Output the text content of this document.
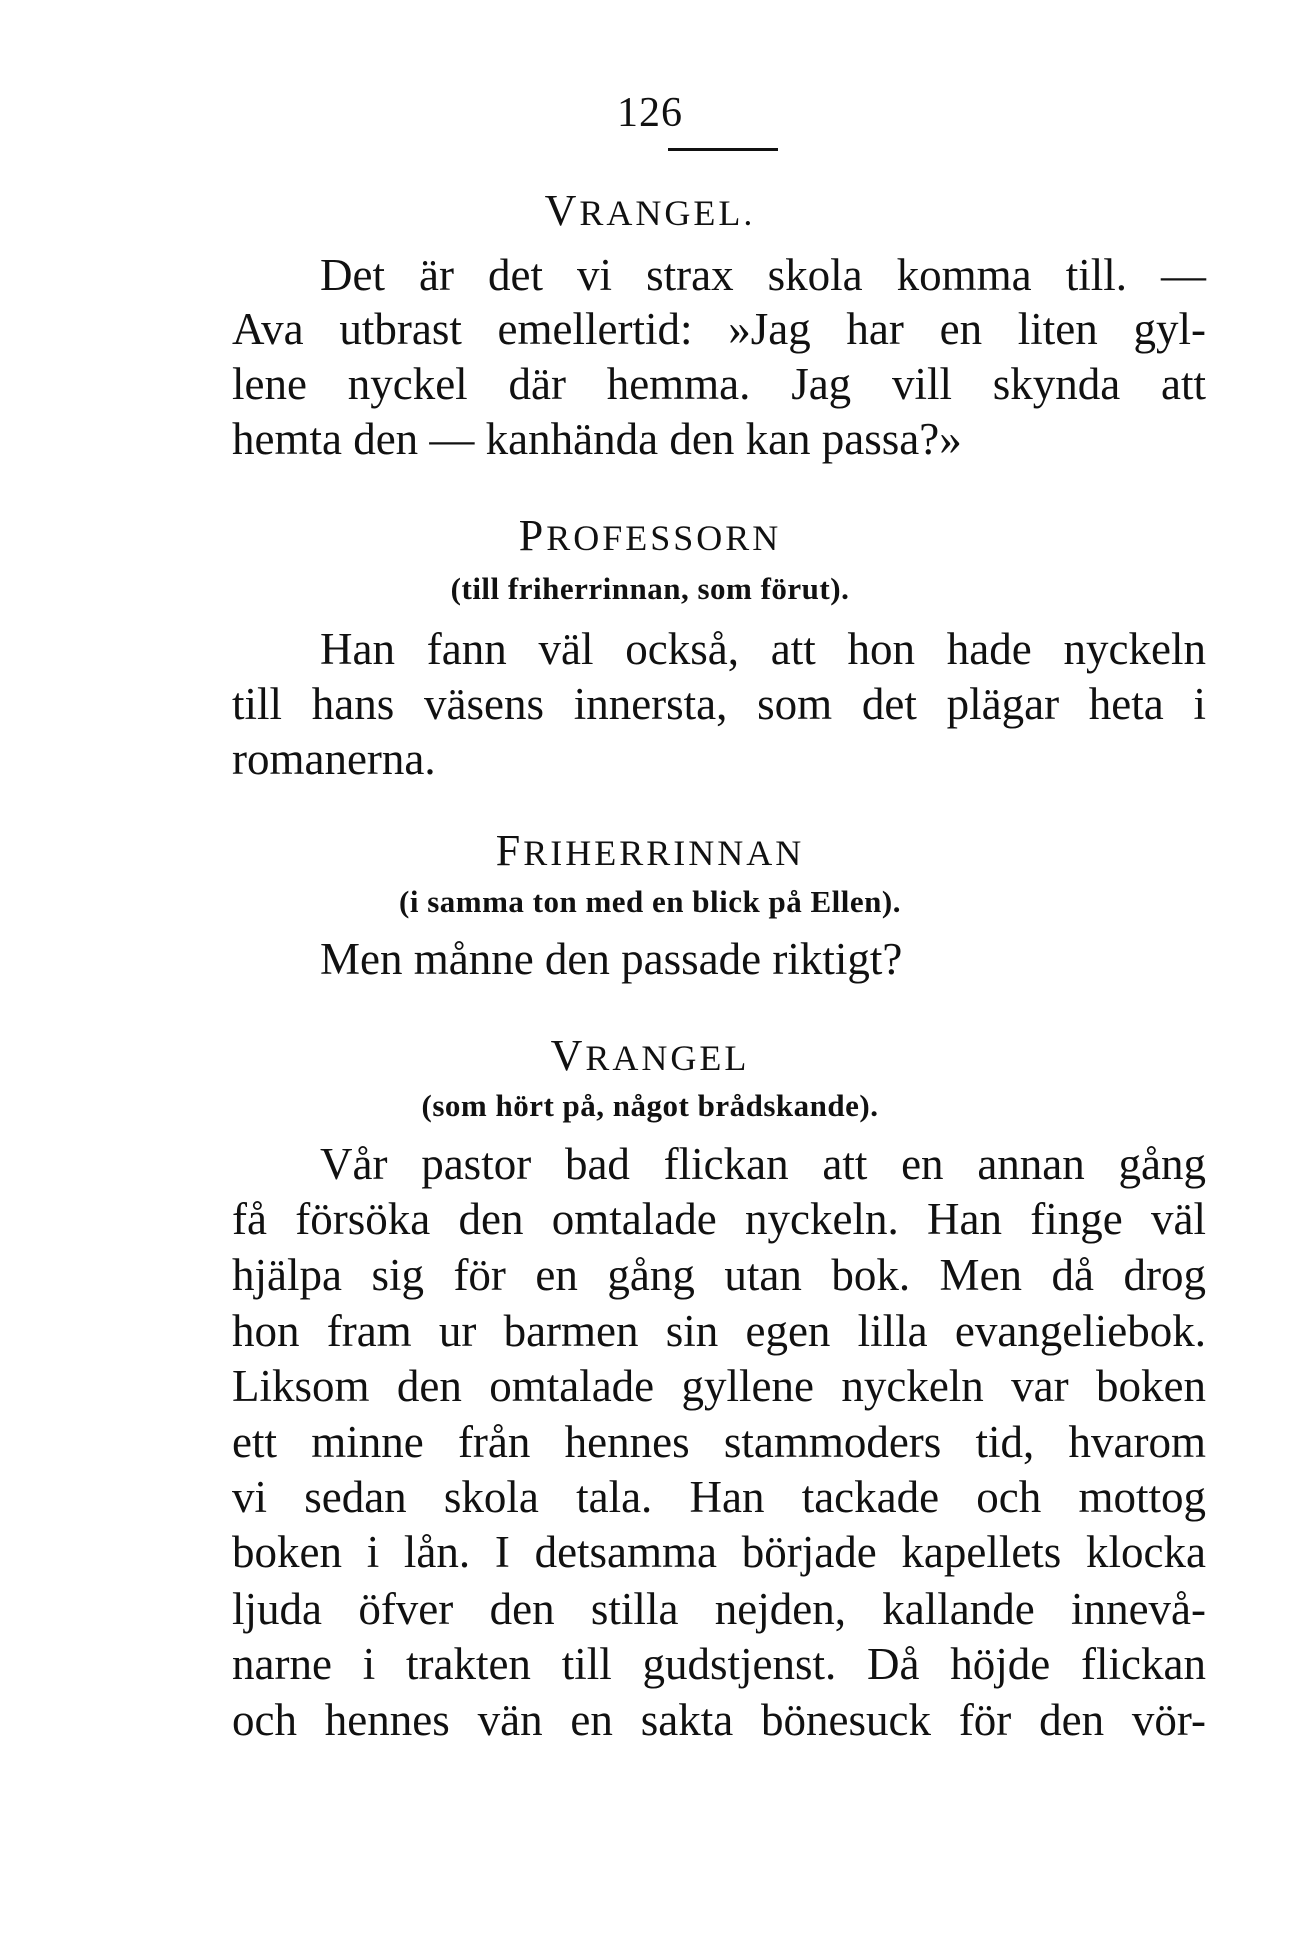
126
VRANGEL.
Det är det vi strax skola komma till. —
Ava utbrast emellertid: »Jag har en liten gyl-
lene nyckel där hemma. Jag vill skynda att
hemta den — kanhända den kan passa?»
PROFESSORN
(till friherrinnan, som förut).
Han fann väl också, att hon hade nyckeln
till hans väsens innersta, som det plägar heta i
romanerna.
FRIHERRINNAN
(i samma ton med en blick på Ellen).
Men månne den passade riktigt?
VRANGEL
(som hört på, något brådskande).
Vår pastor bad flickan att en annan gång
få försöka den omtalade nyckeln. Han finge väl
hjälpa sig för en gång utan bok. Men då drog
hon fram ur barmen sin egen lilla evangeliebok.
Liksom den omtalade gyllene nyckeln var boken
ett minne från hennes stammoders tid, hvarom
vi sedan skola tala. Han tackade och mottog
boken i lån. I detsamma började kapellets klocka
ljuda öfver den stilla nejden, kallande innevå-
narne i trakten till gudstjenst. Då höjde flickan
och hennes vän en sakta bönesuck för den vör-
